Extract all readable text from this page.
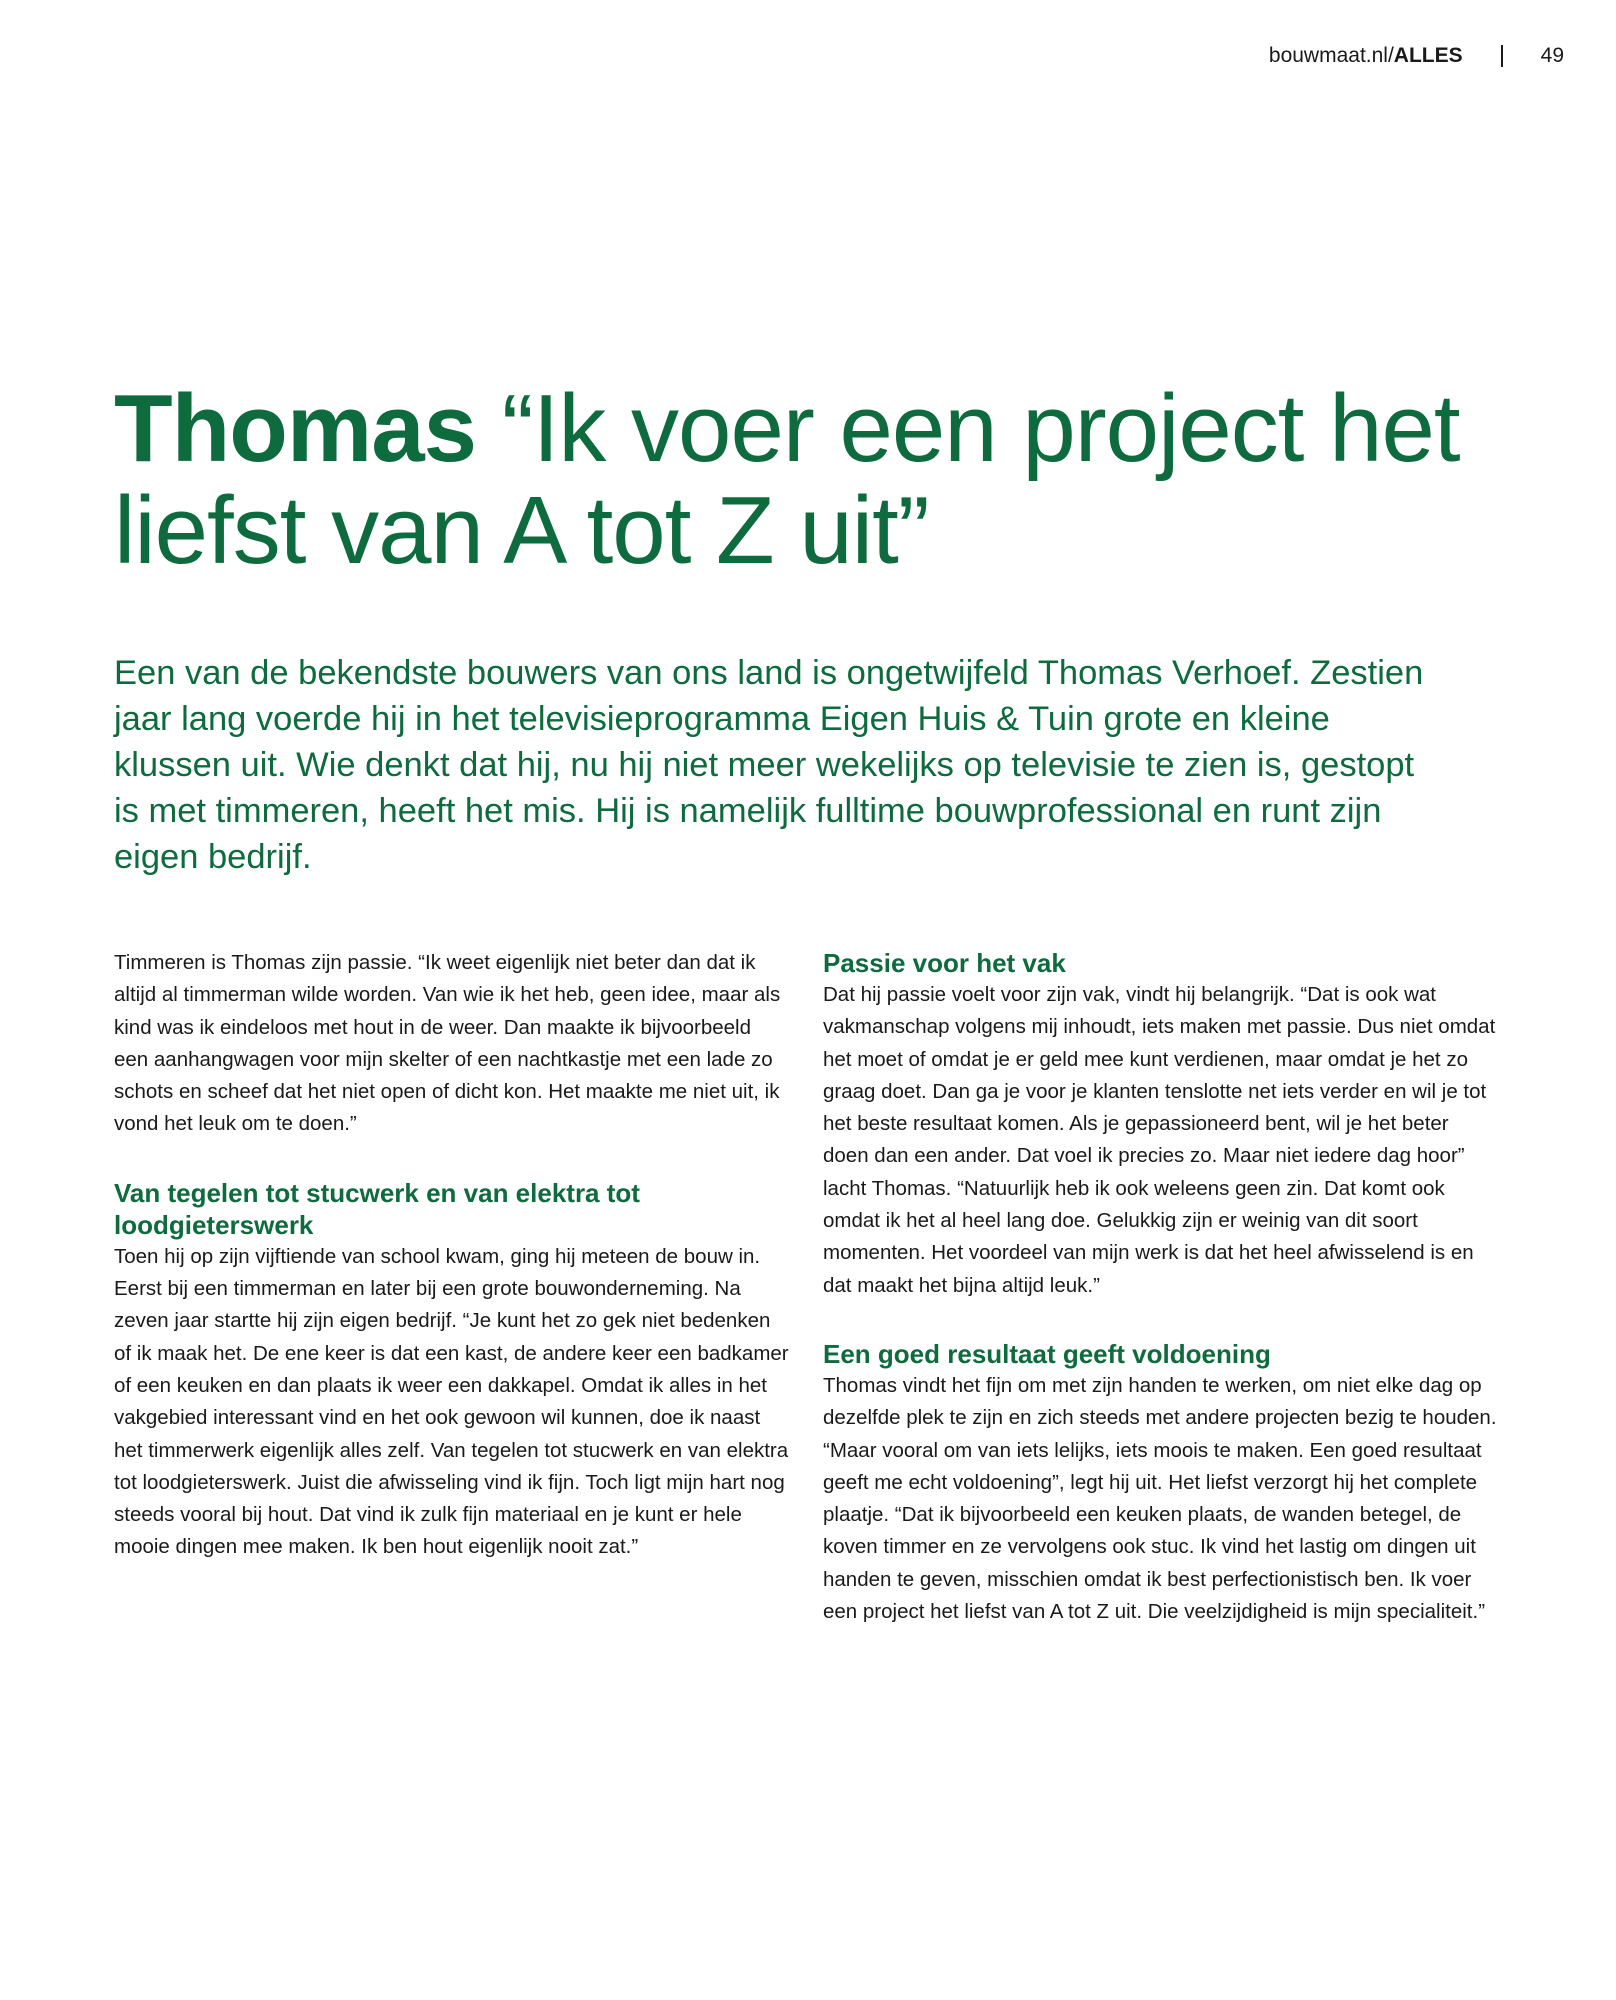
bouwmaat.nl/ALLES	49
Thomas “Ik voer een project het liefst van A tot Z uit”

Een van de bekendste bouwers van ons land is ongetwijfeld Thomas Verhoef. Zestien jaar lang voerde hij in het televisieprogramma Eigen Huis & Tuin grote en kleine klussen uit. Wie denkt dat hij, nu hij niet meer wekelijks op televisie te zien is, gestopt is met timmeren, heeft het mis. Hij is namelijk fulltime bouwprofessional en runt zijn eigen bedrijf.

Timmeren is Thomas zijn passie. “Ik weet eigenlijk niet beter dan dat ik altijd al timmerman wilde worden. Van wie ik het heb, geen idee, maar als kind was ik eindeloos met hout in de weer. Dan maakte ik bijvoorbeeld een aanhangwagen voor mijn skelter of een nachtkastje met een lade zo schots en scheef dat het niet open of dicht kon. Het maakte me niet uit, ik vond het leuk om te doen.”

Van tegelen tot stucwerk en van elektra tot loodgieterswerk

Toen hij op zijn vijftiende van school kwam, ging hij meteen de bouw in. Eerst bij een timmerman en later bij een grote bouwonderneming. Na zeven jaar startte hij zijn eigen bedrijf. “Je kunt het zo gek niet bedenken of ik maak het. De ene keer is dat een kast, de andere keer een badkamer of een keuken en dan plaats ik weer een dakkapel. Omdat ik alles in het vakgebied interessant vind en het ook gewoon wil kunnen, doe ik naast het timmerwerk eigenlijk alles zelf. Van tegelen tot stucwerk en van elektra tot loodgieterswerk. Juist die afwisseling vind ik fijn. Toch ligt mijn hart nog steeds vooral bij hout. Dat vind ik zulk fijn materiaal en je kunt er hele mooie dingen mee maken. Ik ben hout eigenlijk nooit zat.”

Passie voor het vak

Dat hij passie voelt voor zijn vak, vindt hij belangrijk. “Dat is ook wat vakmanschap volgens mij inhoudt, iets maken met passie. Dus niet omdat het moet of omdat je er geld mee kunt verdienen, maar omdat je het zo graag doet. Dan ga je voor je klanten tenslotte net iets verder en wil je tot het beste resultaat komen. Als je gepassioneerd bent, wil je het beter doen dan een ander. Dat voel ik precies zo. Maar niet iedere dag hoor” lacht Thomas. “Natuurlijk heb ik ook weleens geen zin. Dat komt ook omdat ik het al heel lang doe. Gelukkig zijn er weinig van dit soort momenten. Het voordeel van mijn werk is dat het heel afwisselend is en dat maakt het bijna altijd leuk.”

Een goed resultaat geeft voldoening

Thomas vindt het fijn om met zijn handen te werken, om niet elke dag op dezelfde plek te zijn en zich steeds met andere projecten bezig te houden. “Maar vooral om van iets lelijks, iets moois te maken. Een goed resultaat geeft me echt voldoening”, legt hij uit. Het liefst verzorgt hij het complete plaatje. “Dat ik bijvoorbeeld een keuken plaats, de wanden betegel, de koven timmer en ze vervolgens ook stuc. Ik vind het lastig om dingen uit handen te geven, misschien omdat ik best perfectionistisch ben. Ik voer een project het liefst van A tot Z uit. Die veelzijdigheid is mijn specialiteit.”
